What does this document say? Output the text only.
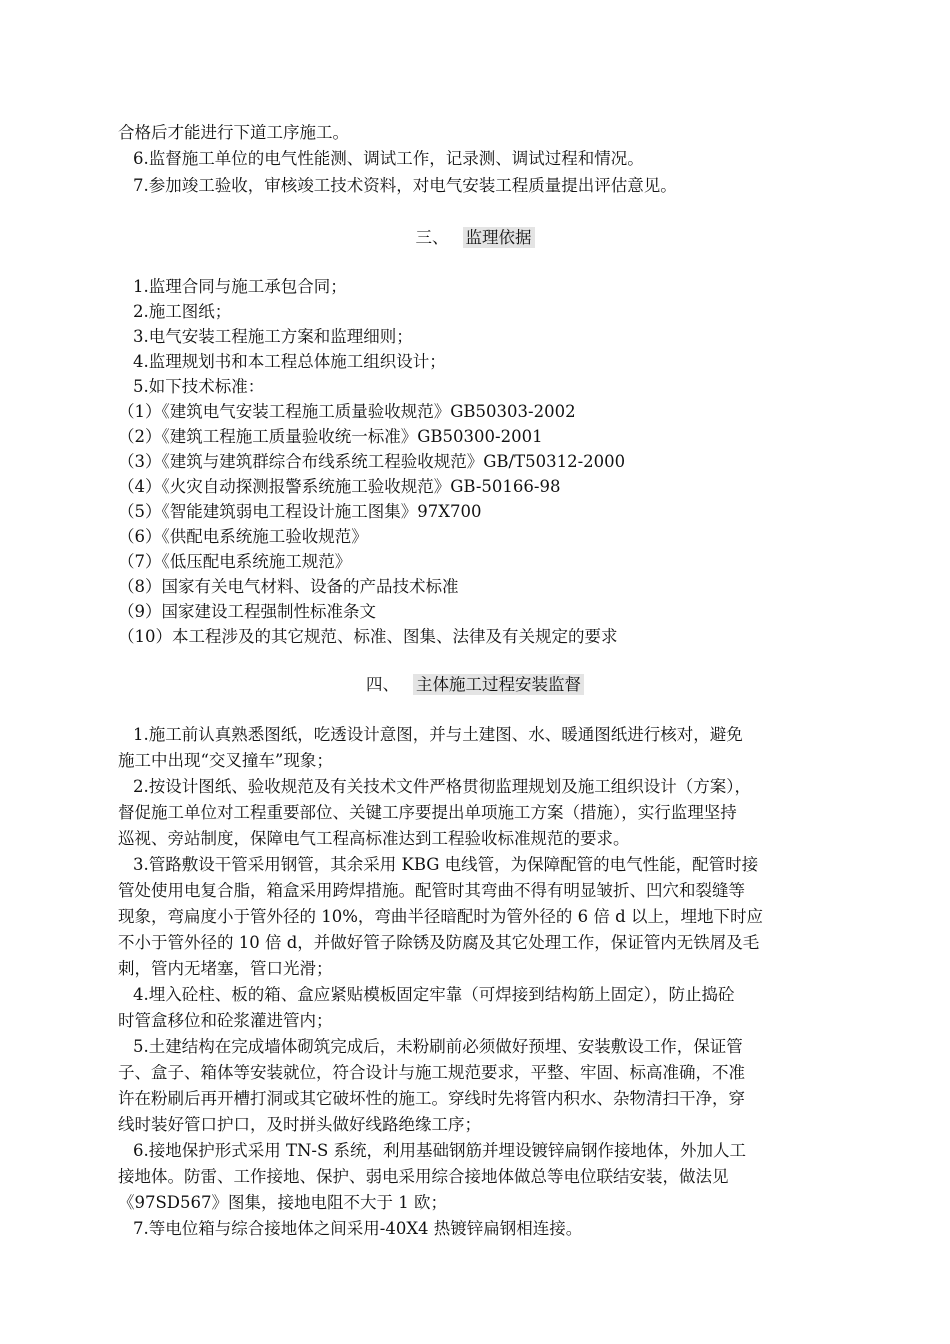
合格后才能进行下道工序施工。
6.监督施工单位的电气性能测、调试工作，记录测、调试过程和情况。
7.参加竣工验收，审核竣工技术资料，对电气安装工程质量提出评估意见。
三、 监理依据
1.监理合同与施工承包合同；
2.施工图纸；
3.电气安装工程施工方案和监理细则；
4.监理规划书和本工程总体施工组织设计；
5.如下技术标准：
（1）《建筑电气安装工程施工质量验收规范》GB50303-2002
（2）《建筑工程施工质量验收统一标准》GB50300-2001
（3）《建筑与建筑群综合布线系统工程验收规范》GB/T50312-2000
（4）《火灾自动探测报警系统施工验收规范》GB-50166-98
（5）《智能建筑弱电工程设计施工图集》97X700
（6）《供配电系统施工验收规范》
（7）《低压配电系统施工规范》
（8）国家有关电气材料、设备的产品技术标准
（9）国家建设工程强制性标准条文
（10）本工程涉及的其它规范、标准、图集、法律及有关规定的要求
四、 主体施工过程安装监督
1.施工前认真熟悉图纸，吃透设计意图，并与土建图、水、暖通图纸进行核对，避免
施工中出现“交叉撞车”现象；
2.按设计图纸、验收规范及有关技术文件严格贯彻监理规划及施工组织设计（方案），
督促施工单位对工程重要部位、关键工序要提出单项施工方案（措施），实行监理坚持
巡视、旁站制度，保障电气工程高标准达到工程验收标准规范的要求。
3.管路敷设干管采用钢管，其余采用 KBG 电线管，为保障配管的电气性能，配管时接
管处使用电复合脂，箱盒采用跨焊措施。配管时其弯曲不得有明显皱折、凹穴和裂缝等
现象，弯扁度小于管外径的 10%，弯曲半径暗配时为管外径的 6 倍 d 以上，埋地下时应
不小于管外径的 10 倍 d，并做好管子除锈及防腐及其它处理工作，保证管内无铁屑及毛
刺，管内无堵塞，管口光滑；
4.埋入砼柱、板的箱、盒应紧贴模板固定牢靠（可焊接到结构筋上固定），防止捣砼
时管盒移位和砼浆灌进管内；
5.土建结构在完成墙体砌筑完成后，未粉刷前必须做好预埋、安装敷设工作，保证管
子、盒子、箱体等安装就位，符合设计与施工规范要求，平整、牢固、标高准确，不准
许在粉刷后再开槽打洞或其它破坏性的施工。穿线时先将管内积水、杂物清扫干净，穿
线时装好管口护口，及时拼头做好线路绝缘工序；
6.接地保护形式采用 TN-S 系统，利用基础钢筋并埋设镀锌扁钢作接地体，外加人工
接地体。防雷、工作接地、保护、弱电采用综合接地体做总等电位联结安装，做法见
《97SD567》图集，接地电阻不大于 1 欧；
7.等电位箱与综合接地体之间采用-40X4 热镀锌扁钢相连接。
